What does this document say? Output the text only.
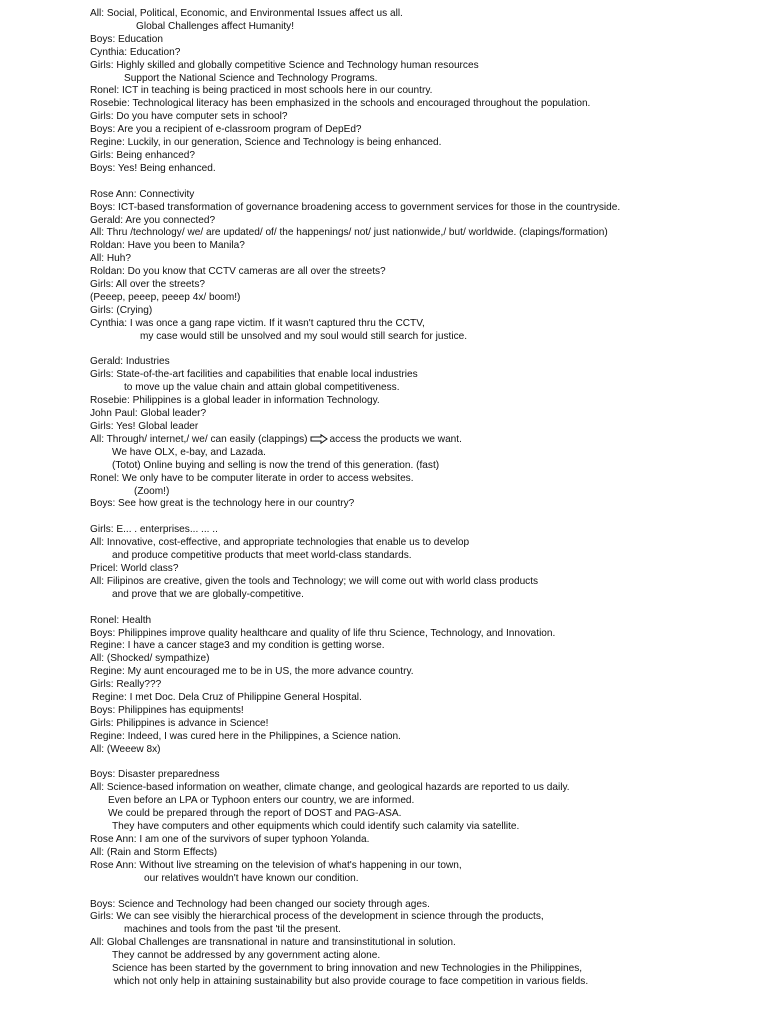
All: Social, Political, Economic, and Environmental Issues affect us all.
Global Challenges affect Humanity!
Boys: Education
Cynthia: Education?
Girls: Highly skilled and globally competitive Science and Technology human resources
Support the National Science and Technology Programs.
Ronel: ICT in teaching is being practiced in most schools here in our country.
Rosebie: Technological literacy has been emphasized in the schools and encouraged throughout the population.
Girls: Do you have computer sets in school?
Boys: Are you a recipient of e-classroom program of DepEd?
Regine: Luckily, in our generation, Science and Technology is being enhanced.
Girls: Being enhanced?
Boys: Yes! Being enhanced.
Rose Ann: Connectivity
Boys: ICT-based transformation of governance broadening access to government services for those in the countryside.
Gerald: Are you connected?
All: Thru /technology/ we/ are updated/ of/ the happenings/ not/ just nationwide,/ but/ worldwide. (clapings/formation)
Roldan: Have you been to Manila?
All: Huh?
Roldan: Do you know that CCTV cameras are all over the streets?
Girls: All over the streets?
(Peeep, peeep, peeep 4x/ boom!)
Girls: (Crying)
Cynthia: I was once a gang rape victim. If it wasn't captured thru the CCTV,
my case would still be unsolved and my soul would still search for justice.
Gerald: Industries
Girls: State-of-the-art facilities and capabilities that enable local industries
to move up the value chain and attain global competitiveness.
Rosebie: Philippines is a global leader in information Technology.
John Paul: Global leader?
Girls: Yes! Global leader
All: Through/ internet,/ we/ can easily (clappings) access the products we want.
We have OLX, e-bay, and Lazada.
(Totot) Online buying and selling is now the trend of this generation. (fast)
Ronel: We only have to be computer literate in order to access websites.
(Zoom!)
Boys: See how great is the technology here in our country?
Girls: E... . enterprises... ... ..
All: Innovative, cost-effective, and appropriate technologies that enable us to develop
and produce competitive products that meet world-class standards.
Pricel: World class?
All: Filipinos are creative, given the tools and Technology; we will come out with world class products
and prove that we are globally-competitive.
Ronel: Health
Boys: Philippines improve quality healthcare and quality of life thru Science, Technology, and Innovation.
Regine: I have a cancer stage3 and my condition is getting worse.
All: (Shocked/ sympathize)
Regine: My aunt encouraged me to be in US, the more advance country.
Girls: Really???
Regine: I met Doc. Dela Cruz of Philippine General Hospital.
Boys: Philippines has equipments!
Girls: Philippines is advance in Science!
Regine: Indeed, I was cured here in the Philippines, a Science nation.
All: (Weeew 8x)
Boys: Disaster preparedness
All: Science-based information on weather, climate change, and geological hazards are reported to us daily.
Even before an LPA or Typhoon enters our country, we are informed.
We could be prepared through the report of DOST and PAG-ASA.
They have computers and other equipments which could identify such calamity via satellite.
Rose Ann: I am one of the survivors of super typhoon Yolanda.
All: (Rain and Storm Effects)
Rose Ann: Without live streaming on the television of what's happening in our town,
our relatives wouldn't have known our condition.
Boys: Science and Technology had been changed our society through ages.
Girls: We can see visibly the hierarchical process of the development in science through the products,
machines and tools from the past 'til the present.
All: Global Challenges are transnational in nature and transinstitutional in solution.
They cannot be addressed by any government acting alone.
Science has been started by the government to bring innovation and new Technologies in the Philippines,
which not only help in attaining sustainability but also provide courage to face competition in various fields.
